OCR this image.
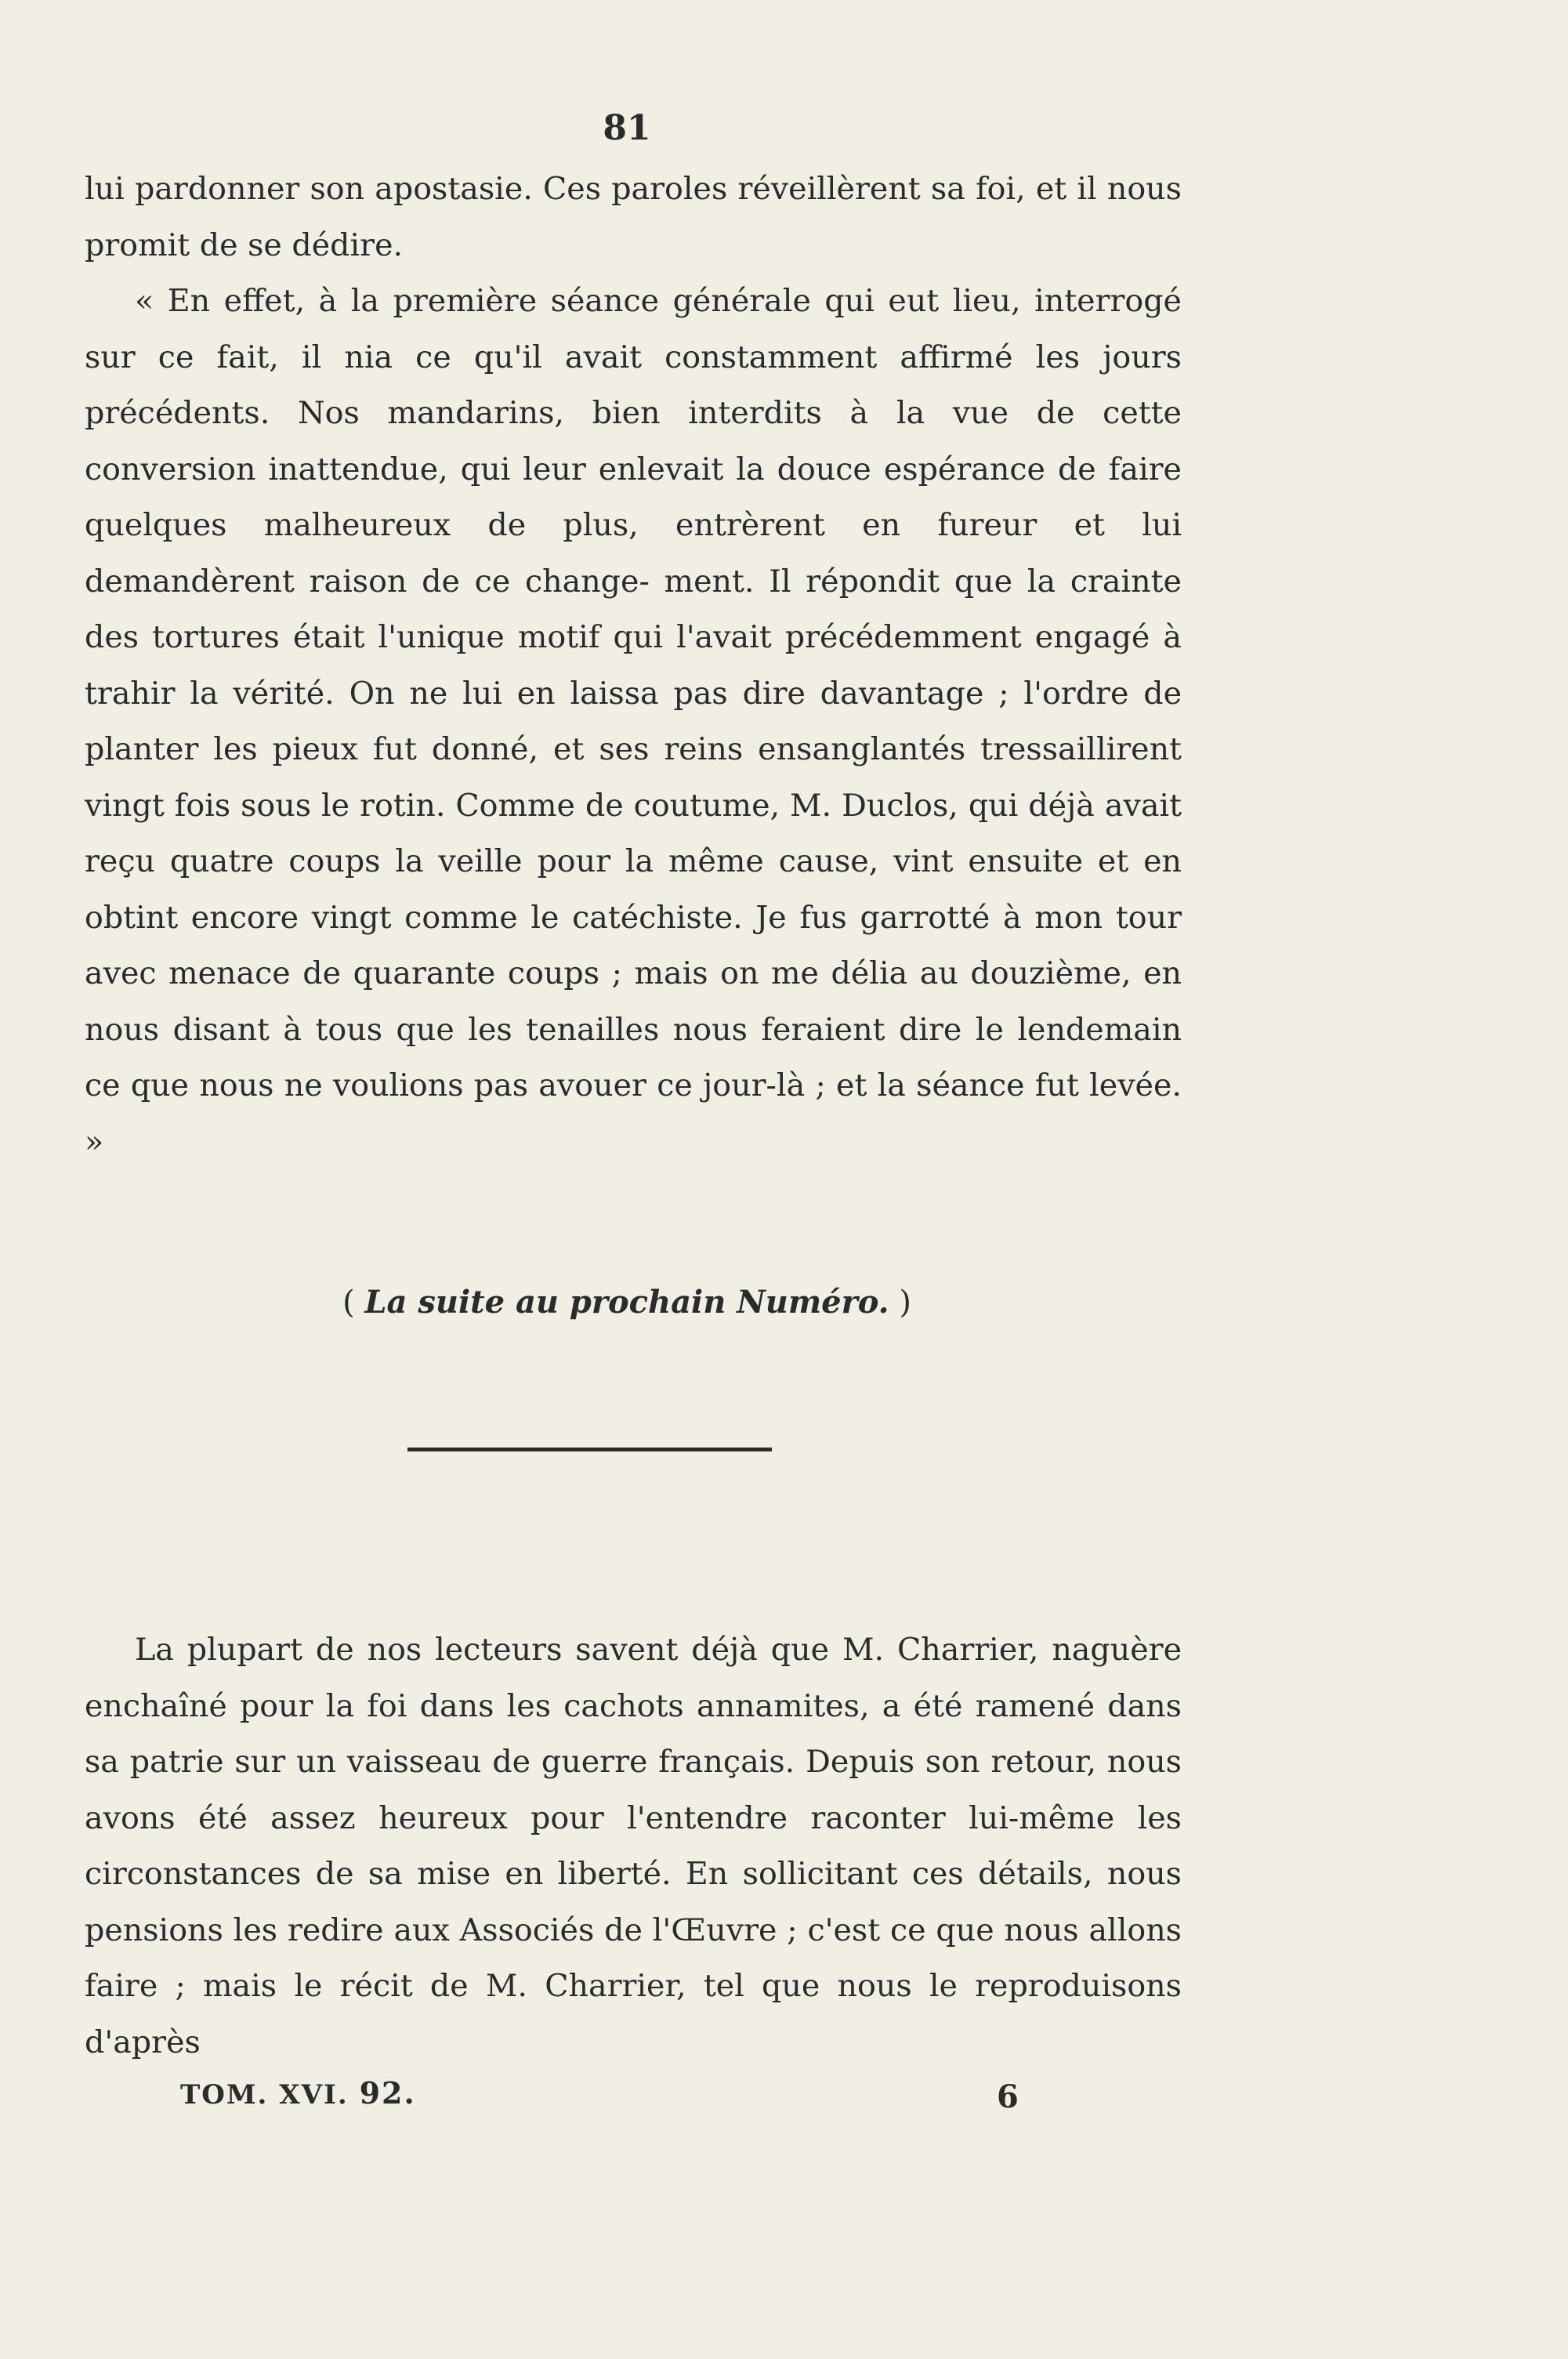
81

lui pardonner son apostasie. Ces paroles réveillèrent sa foi, et il nous promit de se dédire.

« En effet, à la première séance générale qui eut lieu, interrogé sur ce fait, il nia ce qu'il avait constamment affirmé les jours précédents. Nos mandarins, bien interdits à la vue de cette conversion inattendue, qui leur enlevait la douce espérance de faire quelques malheureux de plus, entrèrent en fureur et lui demandèrent raison de ce change- ment. Il répondit que la crainte des tortures était l'unique motif qui l'avait précédemment engagé à trahir la vérité. On ne lui en laissa pas dire davantage ; l'ordre de planter les pieux fut donné, et ses reins ensanglantés tressaillirent vingt fois sous le rotin. Comme de coutume, M. Duclos, qui déjà avait reçu quatre coups la veille pour la même cause, vint ensuite et en obtint encore vingt comme le catéchiste. Je fus garrotté à mon tour avec menace de quarante coups ; mais on me délia au douzième, en nous disant à tous que les tenailles nous feraient dire le lendemain ce que nous ne voulions pas avouer ce jour-là ; et la séance fut levée. »

( La suite au prochain Numéro. )

La plupart de nos lecteurs savent déjà que M. Charrier, naguère enchaîné pour la foi dans les cachots annamites, a été ramené dans sa patrie sur un vaisseau de guerre français. Depuis son retour, nous avons été assez heureux pour l'entendre raconter lui-même les circonstances de sa mise en liberté. En sollicitant ces détails, nous pensions les redire aux Associés de l'Œuvre ; c'est ce que nous allons faire ; mais le récit de M. Charrier, tel que nous le reproduisons d'après

TOM. XVI. 92.	6
